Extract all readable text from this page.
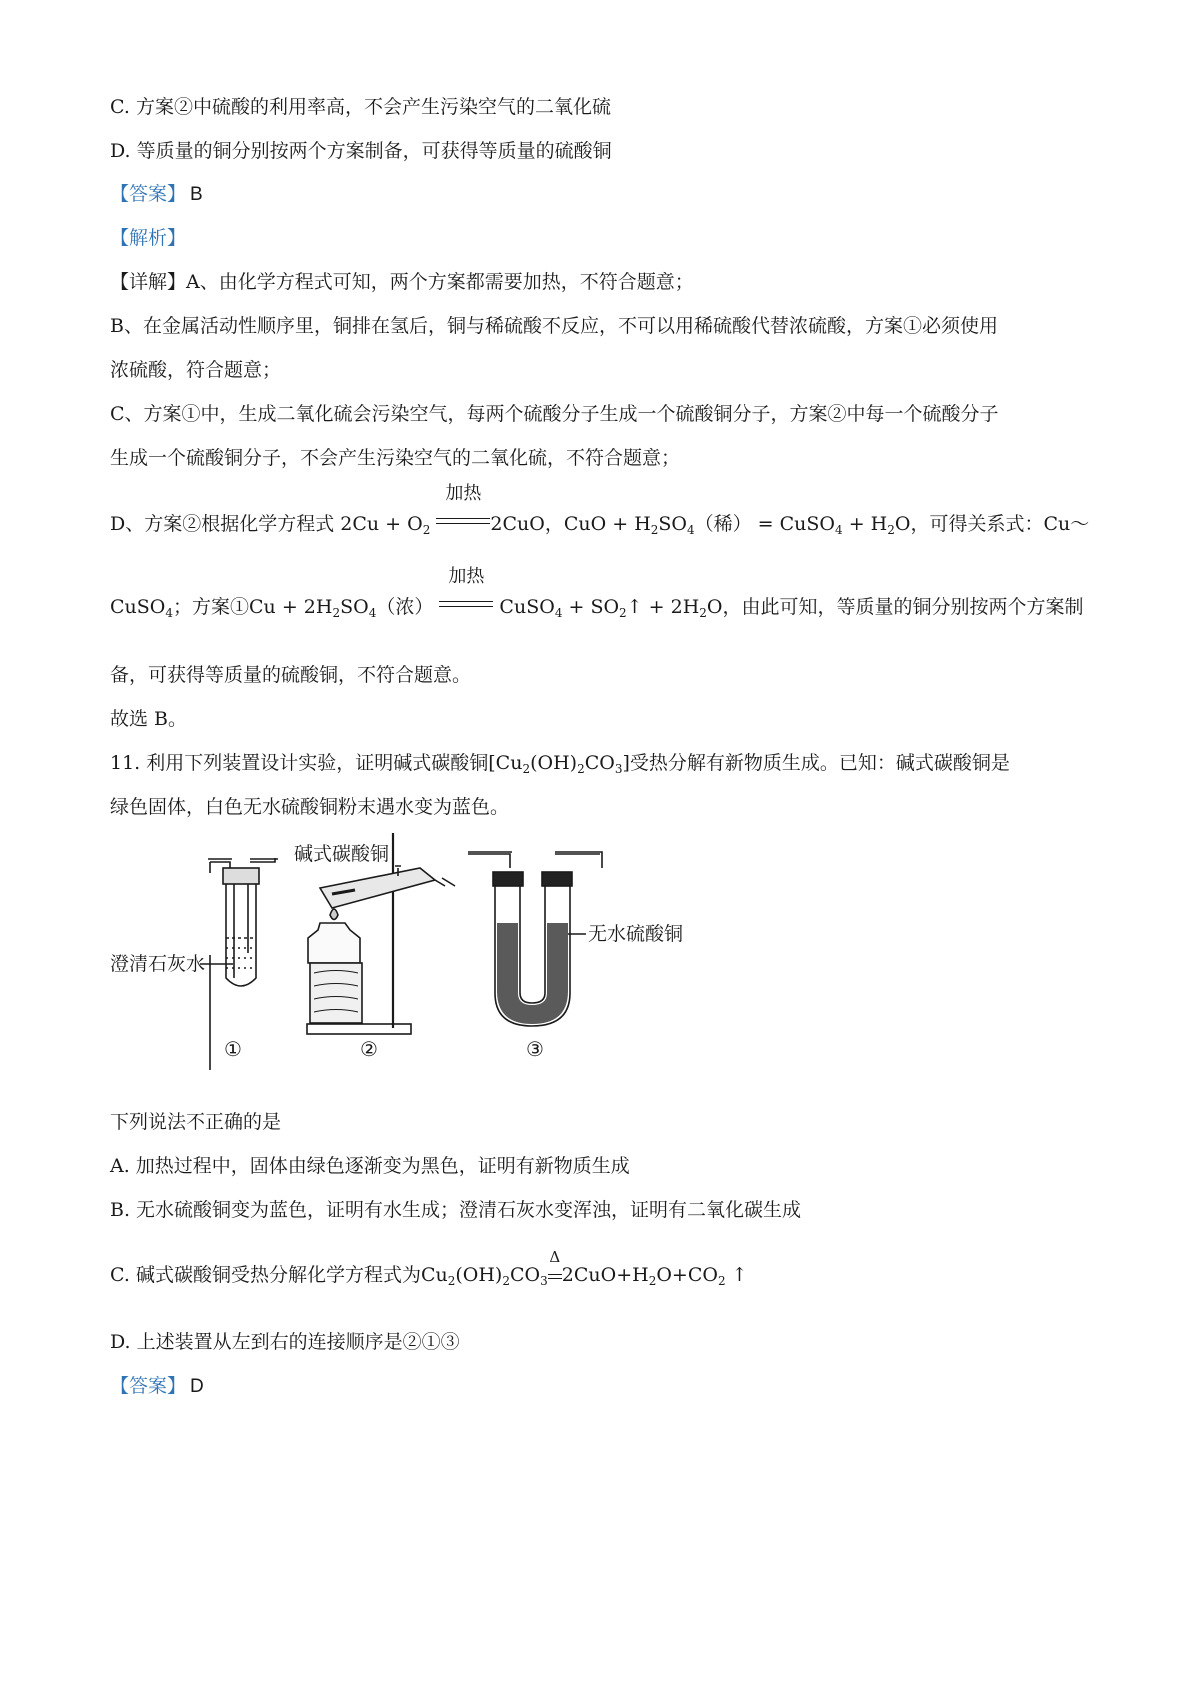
C. 方案②中硫酸的利用率高，不会产生污染空气的二氧化硫
D. 等质量的铜分别按两个方案制备，可获得等质量的硫酸铜
【答案】 B
【解析】
【详解】A、由化学方程式可知，两个方案都需要加热，不符合题意；
B、在金属活动性顺序里，铜排在氢后，铜与稀硫酸不反应，不可以用稀硫酸代替浓硫酸，方案①必须使用
浓硫酸，符合题意；
C、方案①中，生成二氧化硫会污染空气，每两个硫酸分子生成一个硫酸铜分子，方案②中每一个硫酸分子
生成一个硫酸铜分子，不会产生污染空气的二氧化硫，不符合题意；
D、方案②根据化学方程式 $2Cu + O_2$
加热
2CuO，CuO + $H_2SO_4$（稀） = CuSO$_4$ + $H_2O$，可得关系式：Cu～
CuSO$_4$；方案①Cu + $2H_2SO_4$（浓）
加热
CuSO$_4$ + $SO_2↑ + 2H_2O$，由此可知，等质量的铜分别按两个方案制
备，可获得等质量的硫酸铜，不符合题意。
故选 B。
11. 利用下列装置设计实验，证明碱式碳酸铜$[Cu_2(OH)_2CO_3]$受热分解有新物质生成。已知：碱式碳酸铜是
绿色固体，白色无水硫酸铜粉末遇水变为蓝色。
澄清石灰水
碱式碳酸铜
无水硫酸铜
①	②	③
下列说法不正确的是
A. 加热过程中，固体由绿色逐渐变为黑色，证明有新物质生成
B. 无水硫酸铜变为蓝色，证明有水生成；澄清石灰水变浑浊，证明有二氧化碳生成
C. 碱式碳酸铜受热分解化学方程式为$Cu_2(OH)_2CO_3$
Δ
$2CuO+H_2O+CO_2$ ↑
D. 上述装置从左到右的连接顺序是②①③
【答案】 D
